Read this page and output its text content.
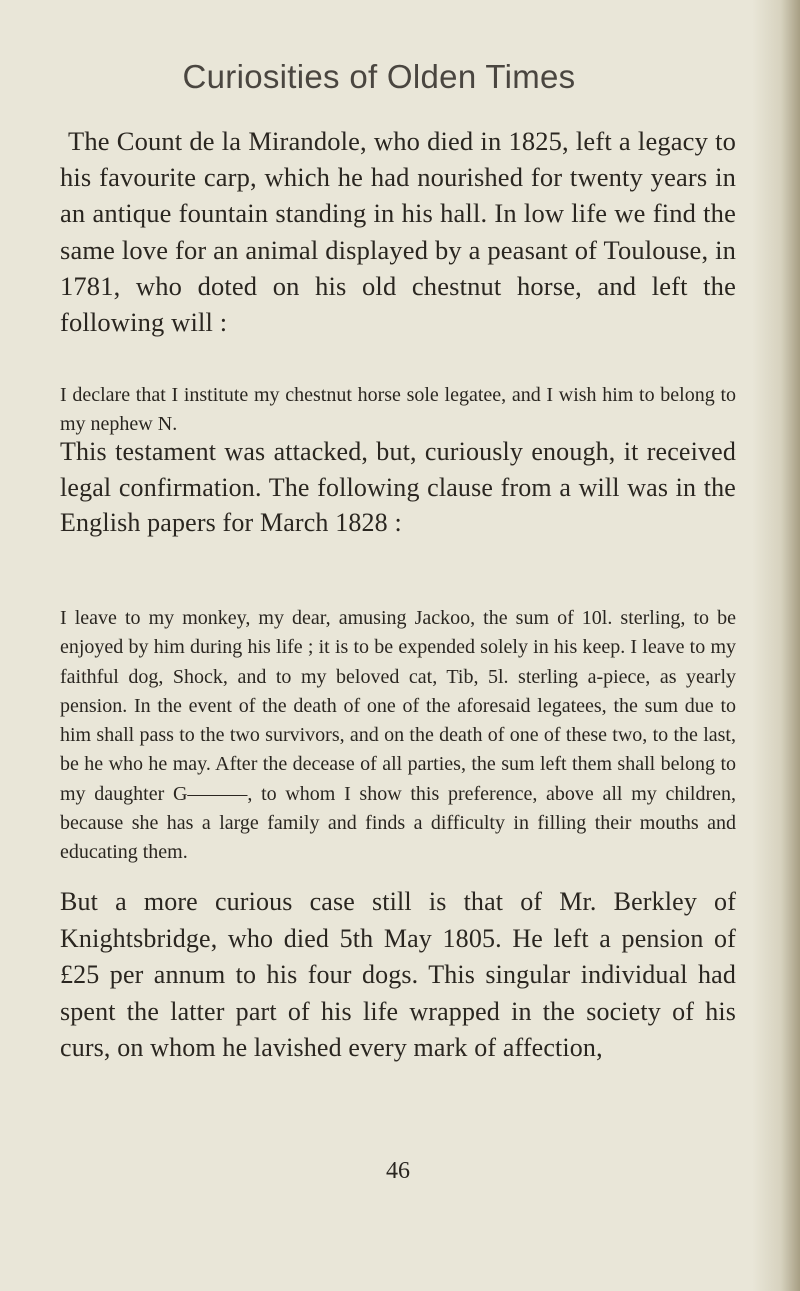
Curiosities of Olden Times
The Count de la Mirandole, who died in 1825, left a legacy to his favourite carp, which he had nourished for twenty years in an antique fountain standing in his hall. In low life we find the same love for an animal displayed by a peasant of Toulouse, in 1781, who doted on his old chestnut horse, and left the following will :
I declare that I institute my chestnut horse sole legatee, and I wish him to belong to my nephew N.
This testament was attacked, but, curiously enough, it received legal confirmation. The following clause from a will was in the English papers for March 1828 :
I leave to my monkey, my dear, amusing Jackoo, the sum of 10l. sterling, to be enjoyed by him during his life ; it is to be expended solely in his keep. I leave to my faithful dog, Shock, and to my beloved cat, Tib, 5l. sterling a-piece, as yearly pension. In the event of the death of one of the aforesaid legatees, the sum due to him shall pass to the two survivors, and on the death of one of these two, to the last, be he who he may. After the decease of all parties, the sum left them shall belong to my daughter G———, to whom I show this preference, above all my children, because she has a large family and finds a difficulty in filling their mouths and educating them.
But a more curious case still is that of Mr. Berkley of Knightsbridge, who died 5th May 1805. He left a pension of £25 per annum to his four dogs. This singular individual had spent the latter part of his life wrapped in the society of his curs, on whom he lavished every mark of affection,
46
